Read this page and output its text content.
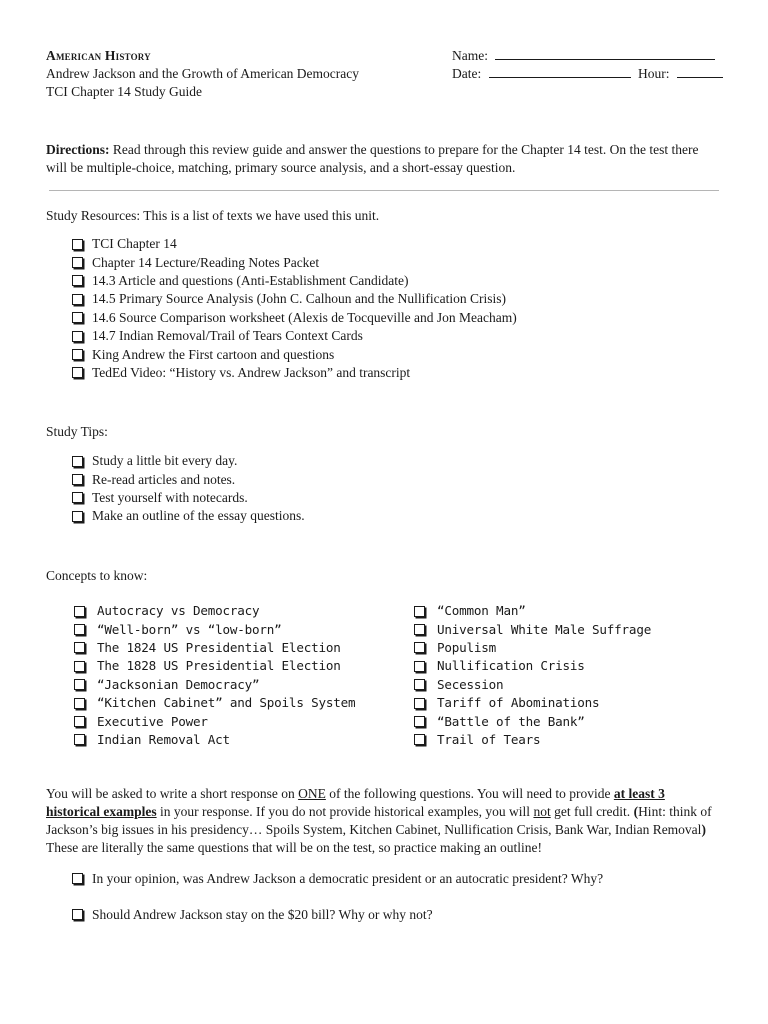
American History
Andrew Jackson and the Growth of American Democracy
TCI Chapter 14 Study Guide
Name:
Date:	Hour:
Directions: Read through this review guide and answer the questions to prepare for the Chapter 14 test. On the test there will be multiple-choice, matching, primary source analysis, and a short-essay question.
Study Resources: This is a list of texts we have used this unit.
TCI Chapter 14
Chapter 14 Lecture/Reading Notes Packet
14.3 Article and questions (Anti-Establishment Candidate)
14.5 Primary Source Analysis (John C. Calhoun and the Nullification Crisis)
14.6 Source Comparison worksheet (Alexis de Tocqueville and Jon Meacham)
14.7 Indian Removal/Trail of Tears Context Cards
King Andrew the First cartoon and questions
TedEd Video: “History vs. Andrew Jackson” and transcript
Study Tips:
Study a little bit every day.
Re-read articles and notes.
Test yourself with notecards.
Make an outline of the essay questions.
Concepts to know:
Autocracy vs Democracy
“Well-born” vs “low-born”
The 1824 US Presidential Election
The 1828 US Presidential Election
“Jacksonian Democracy”
“Kitchen Cabinet” and Spoils System
Executive Power
Indian Removal Act
“Common Man”
Universal White Male Suffrage
Populism
Nullification Crisis
Secession
Tariff of Abominations
“Battle of the Bank”
Trail of Tears
You will be asked to write a short response on ONE of the following questions. You will need to provide at least 3 historical examples in your response. If you do not provide historical examples, you will not get full credit. (Hint: think of Jackson’s big issues in his presidency… Spoils System, Kitchen Cabinet, Nullification Crisis, Bank War, Indian Removal) These are literally the same questions that will be on the test, so practice making an outline!
In your opinion, was Andrew Jackson a democratic president or an autocratic president? Why?
Should Andrew Jackson stay on the $20 bill? Why or why not?
